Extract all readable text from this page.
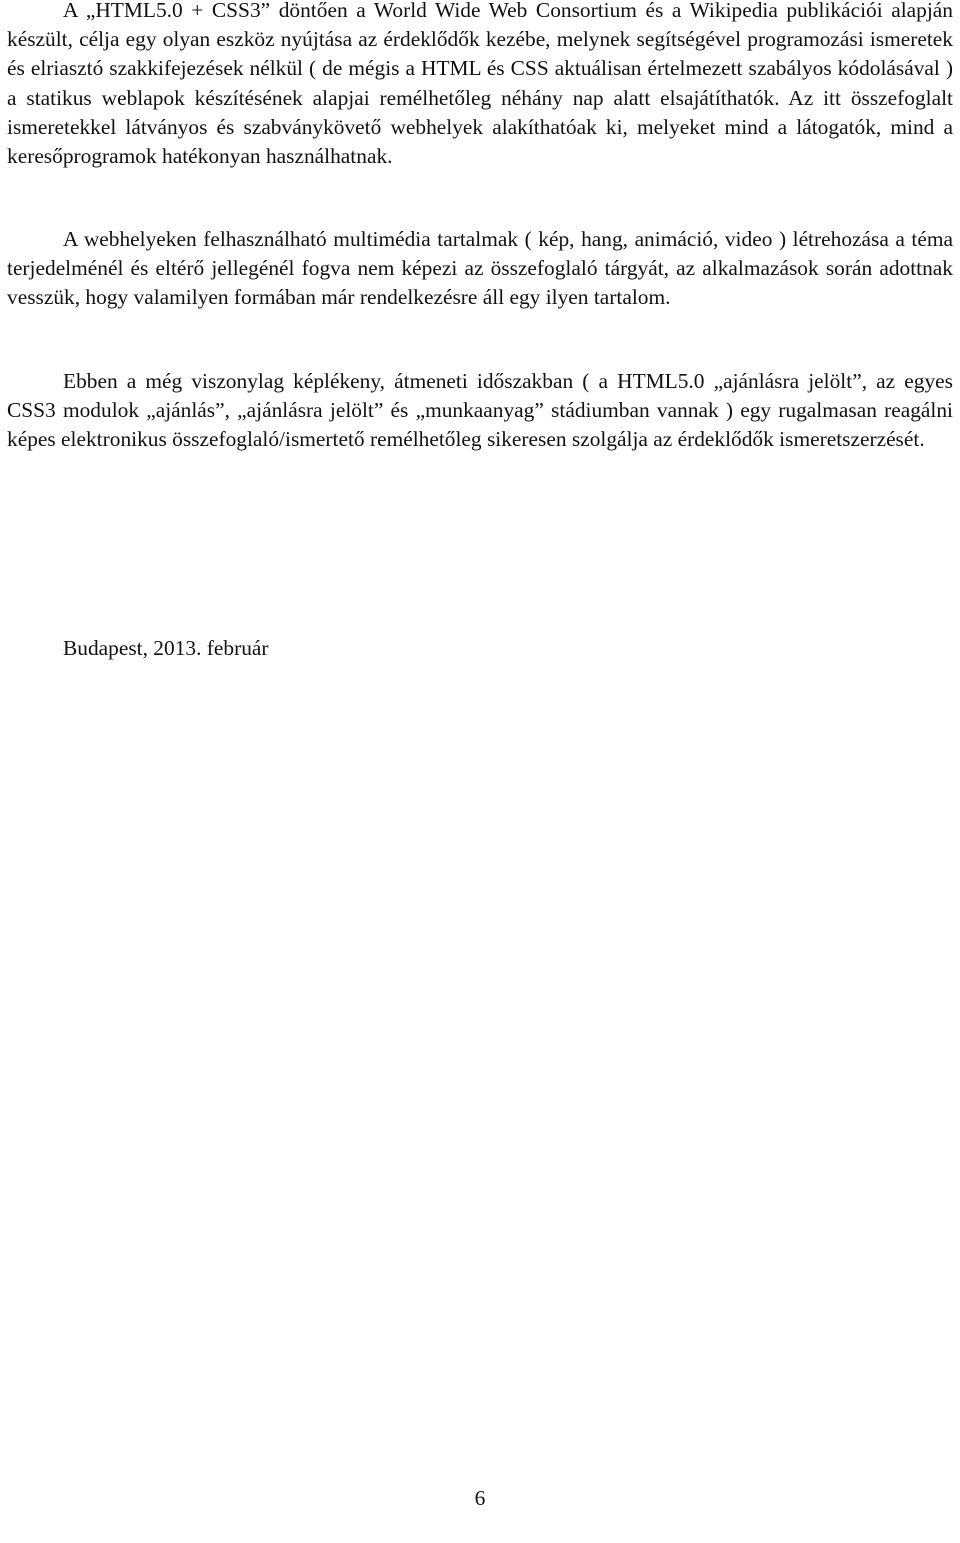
A „HTML5.0 + CSS3” döntően a World Wide Web Consortium és a Wikipedia publikációi alapján készült, célja egy olyan eszköz nyújtása az érdeklődők kezébe, melynek segítségével programozási ismeretek és elriasztó szakkifejezések nélkül ( de mégis a HTML és CSS aktuálisan értelmezett szabályos kódolásával ) a statikus weblapok készítésének alapjai remélhetőleg néhány nap alatt elsajátíthatók. Az itt összefoglalt ismeretekkel látványos és szabványkövető webhelyek alakíthatóak ki, melyeket mind a látogatók, mind a keresőprogramok hatékonyan használhatnak.

A webhelyeken felhasználható multimédia tartalmak ( kép, hang, animáció, video ) létrehozása a téma terjedelménél és eltérő jellegénél fogva nem képezi az összefoglaló tárgyát, az alkalmazások során adottnak vesszük, hogy valamilyen formában már rendelkezésre áll egy ilyen tartalom.

Ebben a még viszonylag képlékeny, átmeneti időszakban ( a HTML5.0 „ajánlásra jelölt”, az egyes CSS3 modulok „ajánlás”, „ajánlásra jelölt” és „munkaanyag” stádiumban vannak ) egy rugalmasan reagálni képes elektronikus összefoglaló/ismertető remélhetőleg sikeresen szolgálja az érdeklődők ismeretszerzését.

Budapest, 2013. február

6
